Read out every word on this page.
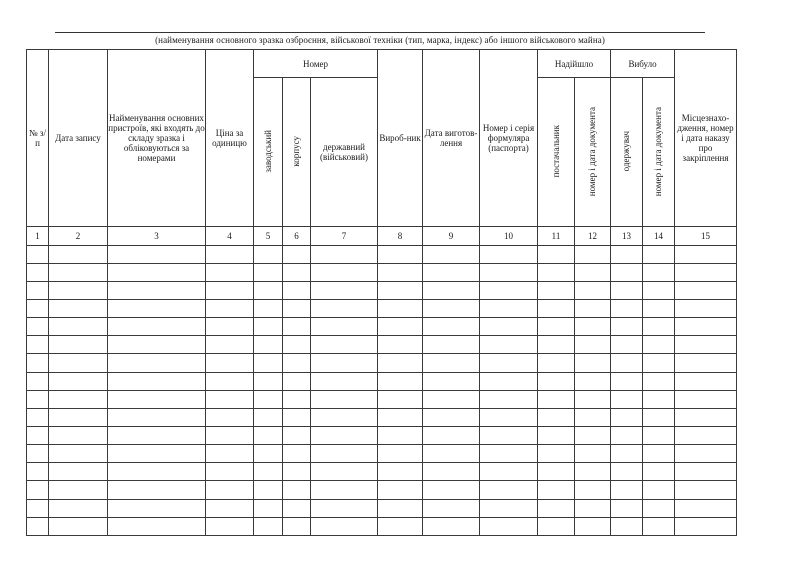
(найменування основного зразка озброєння, військової техніки (тип, марка, індекс) або іншого військового майна)
№ з/п	Дата запису	Найменування основних пристроїв, які входять до складу зразка і обліковуються за номерами	Ціна за одиницю	Номер			Вироб-ник	Дата виготов-лення	Номер і серія формуляра (паспорта)	Надійшло		Вибуло		Місцезнахо-дження, номер і дата наказу про закріплення
				заводський	корпусу	державний (військовий)				постачальник	номер і дата документа	одержувач	номер і дата документа	
1	2	3	4	5	6	7	8	9	10	11	12	13	14	15
